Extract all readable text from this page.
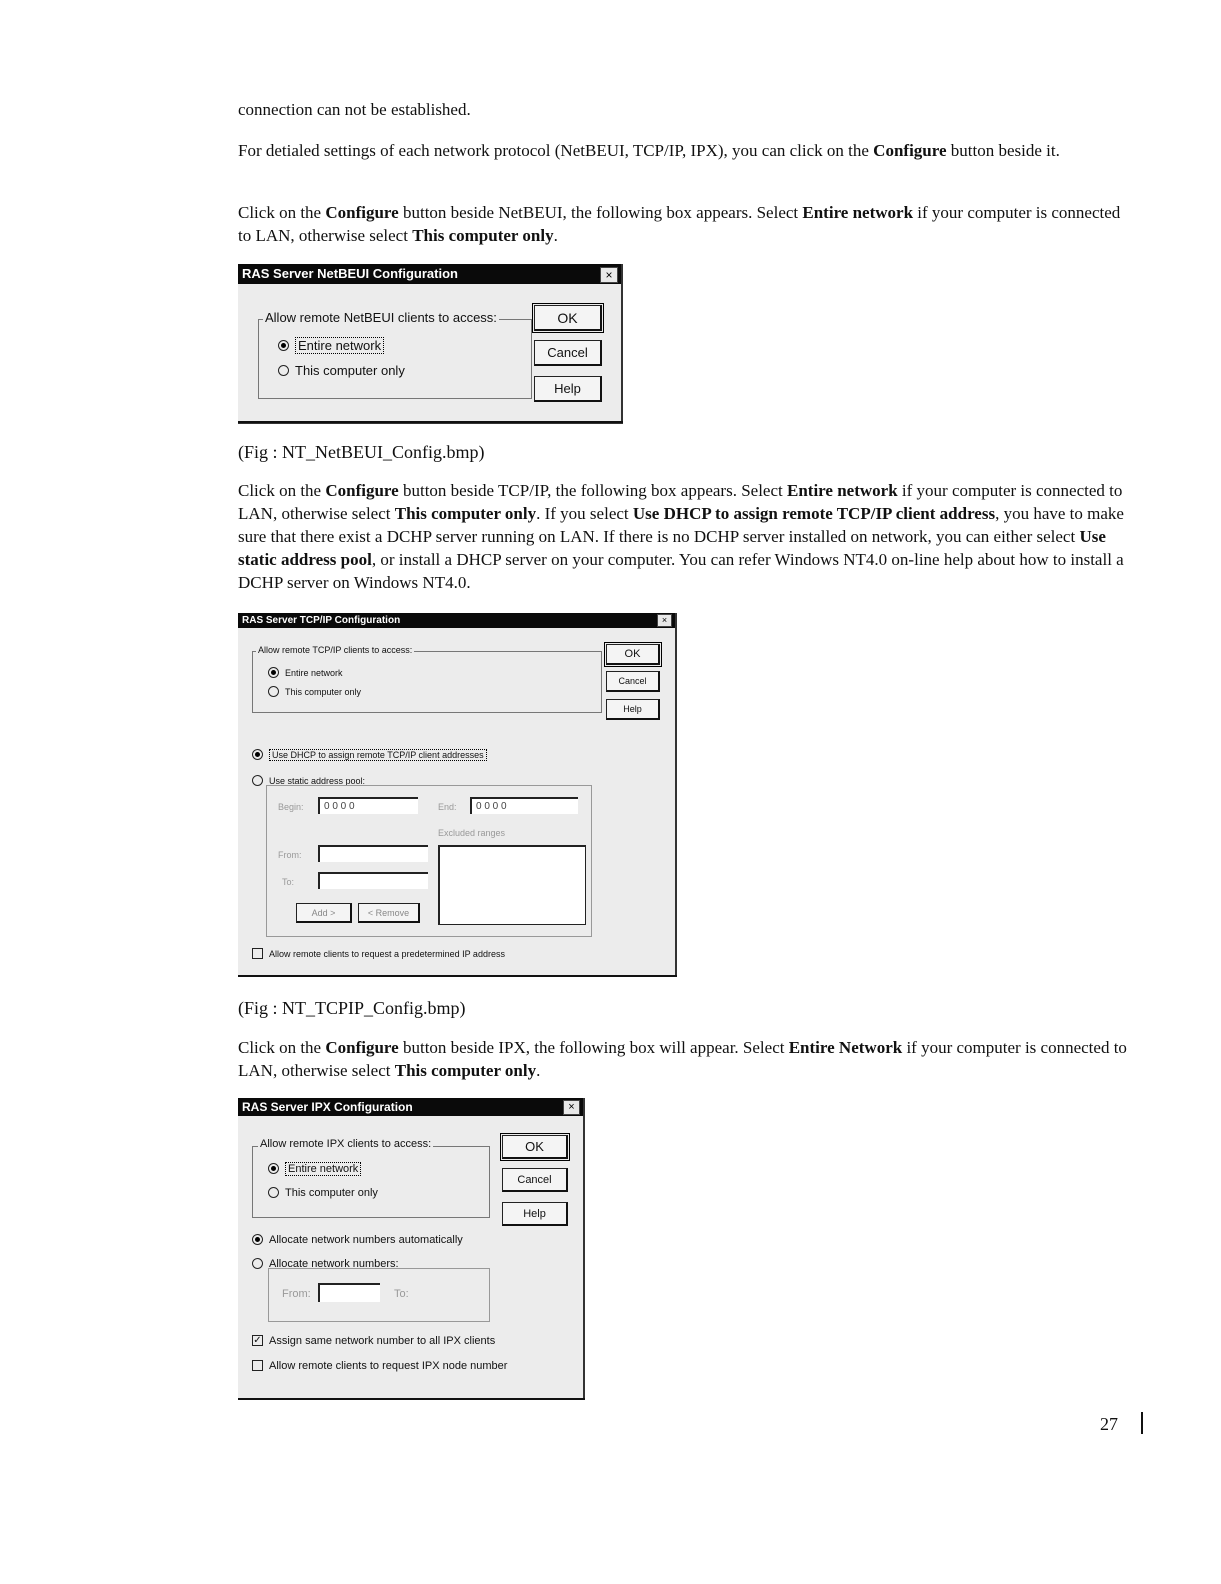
connection can not be established.

For detialed settings of each network protocol (NetBEUI, TCP/IP, IPX), you can click on the Configure button beside it.

Click on the Configure button beside NetBEUI, the following box appears. Select Entire network if your computer is connected to LAN, otherwise select This computer only.

RAS Server NetBEUI Configuration	×
Allow remote NetBEUI clients to access:
Entire network
This computer only
OK
Cancel
Help

(Fig : NT_NetBEUI_Config.bmp)

Click on the Configure button beside TCP/IP, the following box appears. Select Entire network if your computer is connected to LAN, otherwise select This computer only. If you select Use DHCP to assign remote TCP/IP client address, you have to make sure that there exist a DCHP server running on LAN. If there is no DCHP server installed on network, you can either select Use static address pool, or install a DHCP server on your computer. You can refer Windows NT4.0 on-line help about how to install a DCHP server on Windows NT4.0.

RAS Server TCP/IP Configuration	×
Allow remote TCP/IP clients to access:
Entire network
This computer only
OK
Cancel
Help
Use DHCP to assign remote TCP/IP client addresses
Use static address pool:
Begin:	0 0 0 0	End:	0 0 0 0
Excluded ranges
From:
To:
Add >	< Remove
Allow remote clients to request a predetermined IP address

(Fig : NT_TCPIP_Config.bmp)

Click on the Configure button beside IPX, the following box will appear. Select Entire Network if your computer is connected to LAN, otherwise select This computer only.

RAS Server IPX Configuration	×
Allow remote IPX clients to access:
Entire network
This computer only
OK
Cancel
Help
Allocate network numbers automatically
Allocate network numbers:
From:	To:
✓ Assign same network number to all IPX clients
Allow remote clients to request IPX node number
27
